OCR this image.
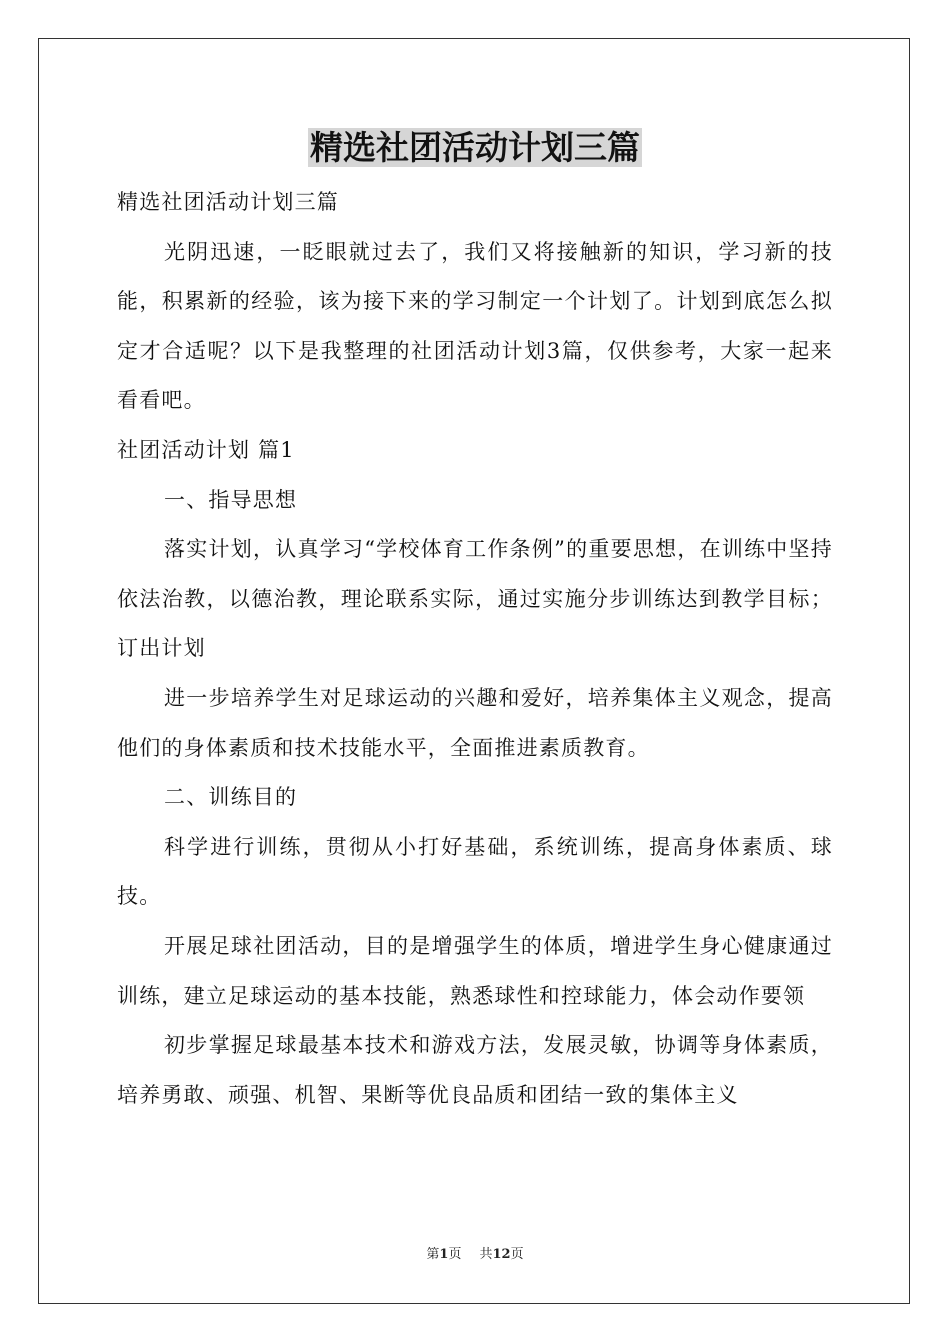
精选社团活动计划三篇

精选社团活动计划三篇

光阴迅速，一眨眼就过去了，我们又将接触新的知识，学习新的技能，积累新的经验，该为接下来的学习制定一个计划了。计划到底怎么拟定才合适呢？以下是我整理的社团活动计划3篇，仅供参考，大家一起来看看吧。

社团活动计划 篇1

一、指导思想

落实计划，认真学习“学校体育工作条例”的重要思想，在训练中坚持依法治教，以德治教，理论联系实际，通过实施分步训练达到教学目标；订出计划

进一步培养学生对足球运动的兴趣和爱好，培养集体主义观念，提高他们的身体素质和技术技能水平，全面推进素质教育。

二、训练目的

科学进行训练，贯彻从小打好基础，系统训练，提高身体素质、球技。

开展足球社团活动，目的是增强学生的体质，增进学生身心健康通过训练，建立足球运动的基本技能，熟悉球性和控球能力，体会动作要领

初步掌握足球最基本技术和游戏方法，发展灵敏，协调等身体素质，培养勇敢、顽强、机智、果断等优良品质和团结一致的集体主义

第1页 共12页
